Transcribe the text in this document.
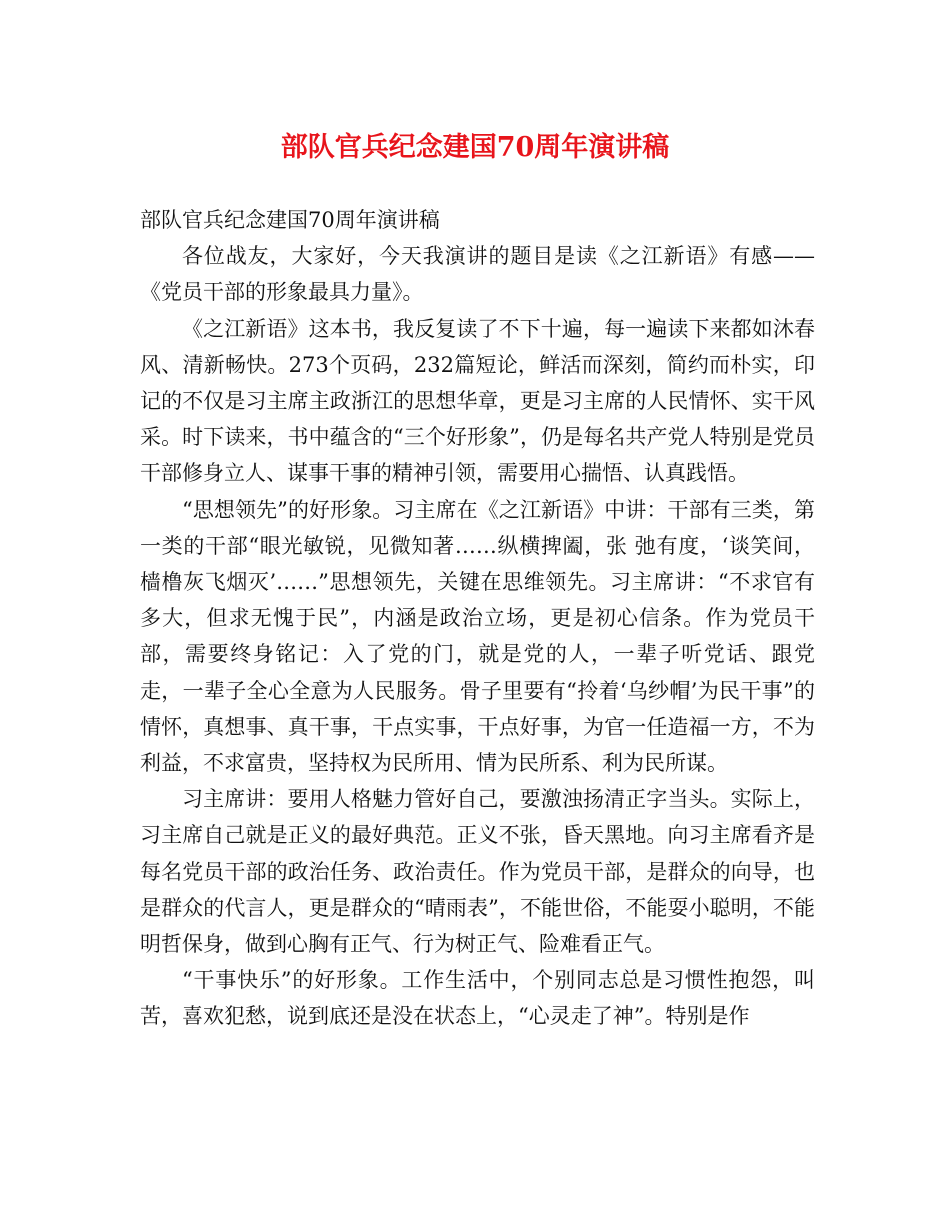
部队官兵纪念建国70周年演讲稿

部队官兵纪念建国70周年演讲稿

各位战友，大家好，今天我演讲的题目是读《之江新语》有感——《党员干部的形象最具力量》。

《之江新语》这本书，我反复读了不下十遍，每一遍读下来都如沐春风、清新畅快。273个页码，232篇短论，鲜活而深刻，简约而朴实，印记的不仅是习主席主政浙江的思想华章，更是习主席的人民情怀、实干风采。时下读来，书中蕴含的“三个好形象”，仍是每名共产党人特别是党员干部修身立人、谋事干事的精神引领，需要用心揣悟、认真践悟。

“思想领先”的好形象。习主席在《之江新语》中讲：干部有三类，第一类的干部“眼光敏锐，见微知著……纵横捭阖，张 弛有度，‘谈笑间，樯橹灰飞烟灭’……”思想领先，关键在思维领先。习主席讲：“不求官有多大，但求无愧于民”，内涵是政治立场，更是初心信条。作为党员干部，需要终身铭记：入了党的门，就是党的人，一辈子听党话、跟党 走，一辈子全心全意为人民服务。骨子里要有“拎着‘乌纱帽’为民干事”的情怀，真想事、真干事，干点实事，干点好事，为官一任造福一方，不为利益，不求富贵，坚持权为民所用、情为民所系、利为民所谋。

习主席讲：要用人格魅力管好自己，要激浊扬清正字当头。实际上，习主席自己就是正义的最好典范。正义不张，昏天黑地。向习主席看齐是每名党员干部的政治任务、政治责任。作为党员干部，是群众的向导，也是群众的代言人，更是群众的“晴雨表”，不能世俗，不能耍小聪明，不能明哲保身，做到心胸有正气、行为树正气、险难看正气。

“干事快乐”的好形象。工作生活中，个别同志总是习惯性抱怨，叫苦，喜欢犯愁，说到底还是没在状态上，“心灵走了神”。特别是作
